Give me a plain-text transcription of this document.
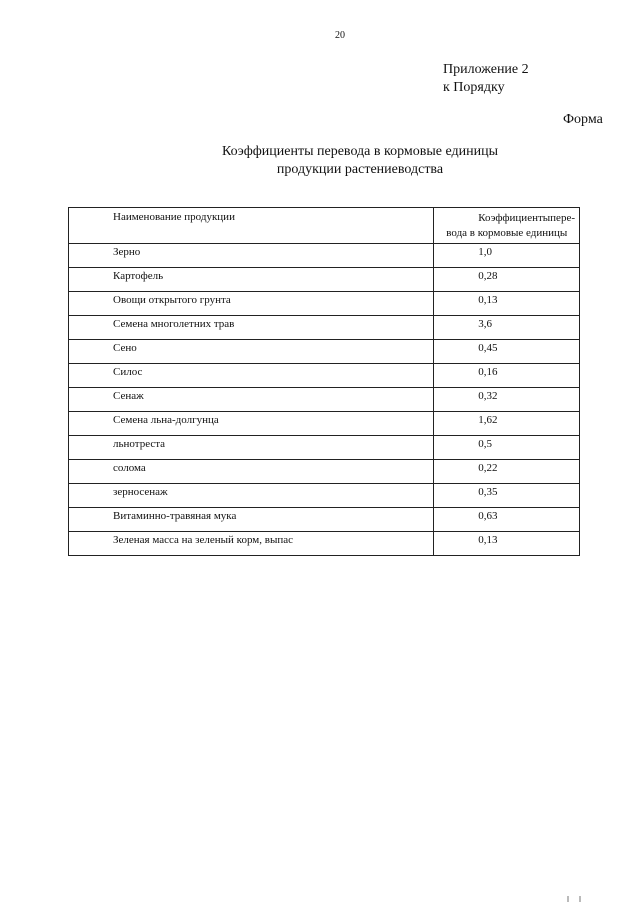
20
Приложение 2
к Порядку
Форма
Коэффициенты перевода в кормовые единицы
продукции растениеводства
Наименование продукции	Коэффициенты пере-
вода в кормовые единицы

Зерно	1,0
Картофель	0,28
Овощи открытого грунта	0,13
Семена многолетних трав	3,6
Сено	0,45
Силос	0,16
Сенаж	0,32
Семена льна-долгунца	1,62
льнотреста	0,5
солома	0,22
зерносенаж	0,35
Витаминно-травяная мука	0,63
Зеленая масса на зеленый корм, выпас	0,13
